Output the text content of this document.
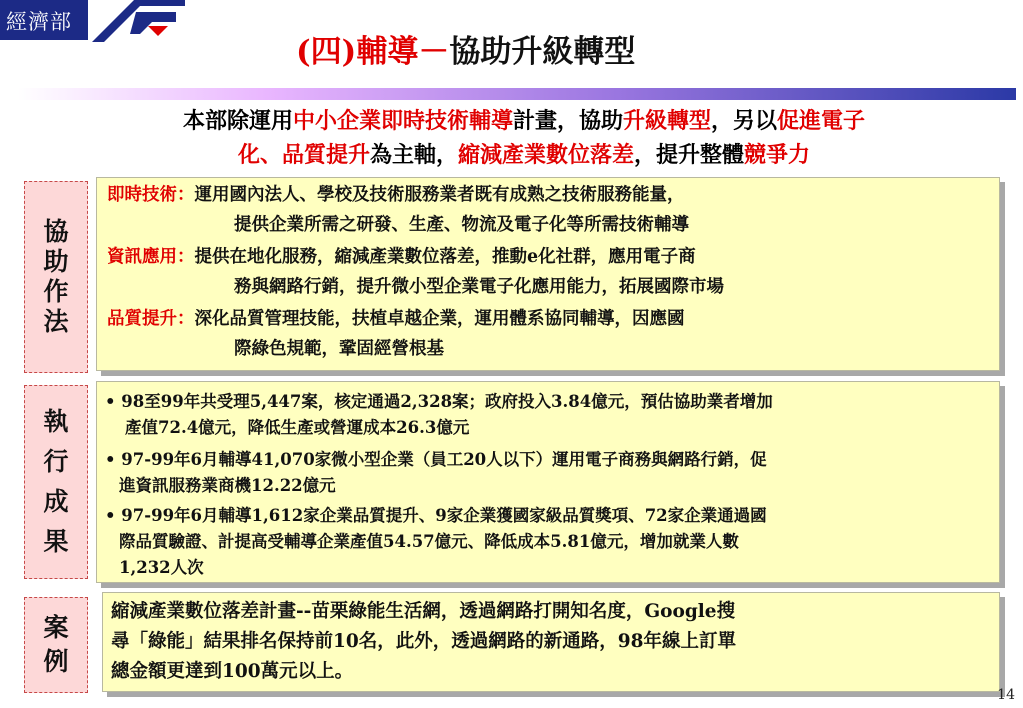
經濟部
(四)輔導－協助升級轉型
本部除運用中小企業即時技術輔導計畫，協助升級轉型，另以促進電子
化、品質提升為主軸，縮減產業數位落差，提升整體競爭力
協
助
作
法
即時技術：運用國內法人、學校及技術服務業者既有成熟之技術服務能量，
提供企業所需之研發、生產、物流及電子化等所需技術輔導
資訊應用：提供在地化服務，縮減產業數位落差，推動e化社群，應用電子商
務與網路行銷，提升微小型企業電子化應用能力，拓展國際市場
品質提升：深化品質管理技能，扶植卓越企業，運用體系協同輔導，因應國
際綠色規範，鞏固經營根基
執
行
成
果
• 98至99年共受理5,447案，核定通過2,328案；政府投入3.84億元，預估協助業者增加
產值72.4億元，降低生產或營運成本26.3億元
• 97-99年6月輔導41,070家微小型企業（員工20人以下）運用電子商務與網路行銷，促
進資訊服務業商機12.22億元
• 97-99年6月輔導1,612家企業品質提升、9家企業獲國家級品質獎項、72家企業通過國
際品質驗證、計提高受輔導企業產值54.57億元、降低成本5.81億元，增加就業人數
1,232人次
案
例
縮減產業數位落差計畫--苗栗綠能生活網，透過網路打開知名度，Google搜
尋「綠能」結果排名保持前10名，此外，透過網路的新通路，98年線上訂單
總金額更達到100萬元以上。
14
